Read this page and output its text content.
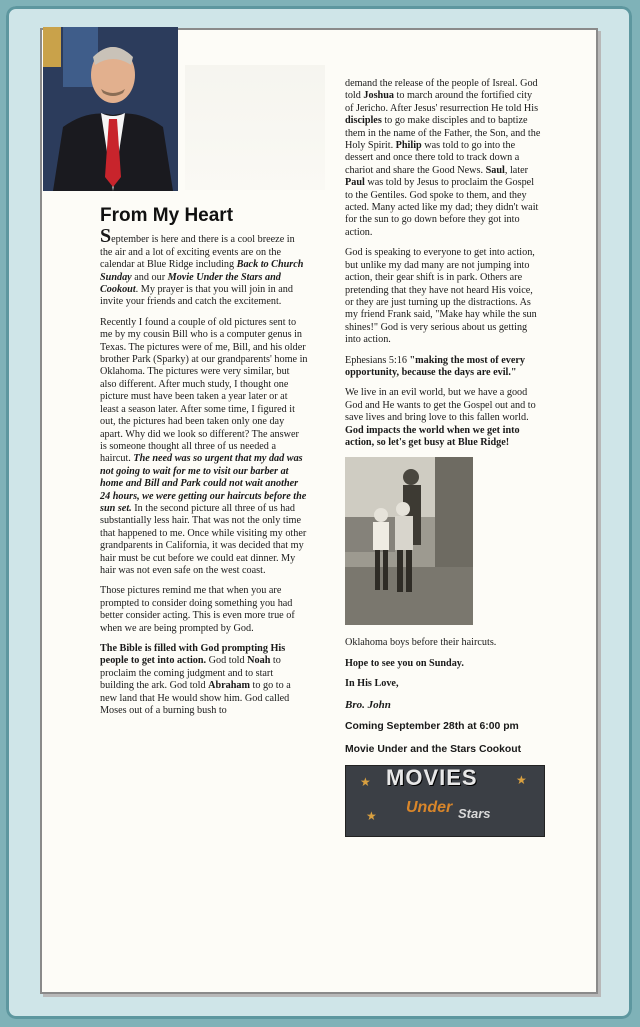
From My Heart

September is here and there is a cool breeze in the air and a lot of exciting events are on the calendar at Blue Ridge including Back to Church Sunday and our Movie Under the Stars and Cookout. My prayer is that you will join in and invite your friends and catch the excitement.

Recently I found a couple of old pictures sent to me by my cousin Bill who is a computer genus in Texas. The pictures were of me, Bill, and his older brother Park (Sparky) at our grandparents' home in Oklahoma. The pictures were very similar, but also different. After much study, I thought one picture must have been taken a year later or at least a season later. After some time, I figured it out, the pictures had been taken only one day apart. Why did we look so different? The answer is someone thought all three of us needed a haircut. The need was so urgent that my dad was not going to wait for me to visit our barber at home and Bill and Park could not wait another 24 hours, we were getting our haircuts before the sun set. In the second picture all three of us had substantially less hair. That was not the only time that happened to me. Once while visiting my other grandparents in California, it was decided that my hair must be cut before we could eat dinner. My hair was not even safe on the west coast.

Those pictures remind me that when you are prompted to consider doing something you had better consider acting. This is even more true of when we are being prompted by God.

The Bible is filled with God prompting His people to get into action. God told Noah to proclaim the coming judgment and to start building the ark. God told Abraham to go to a new land that He would show him. God called Moses out of a burning bush to

demand the release of the people of Isreal. God told Joshua to march around the fortified city of Jericho. After Jesus' resurrection He told His disciples to go make disciples and to baptize them in the name of the Father, the Son, and the Holy Spirit. Philip was told to go into the dessert and once there told to track down a chariot and share the Good News. Saul, later Paul was told by Jesus to proclaim the Gospel to the Gentiles. God spoke to them, and they acted. Many acted like my dad; they didn't wait for the sun to go down before they got into action.

God is speaking to everyone to get into action, but unlike my dad many are not jumping into action, their gear shift is in park. Others are pretending that they have not heard His voice, or they are just turning up the distractions. As my friend Frank said, "Make hay while the sun shines!" God is very serious about us getting into action.

Ephesians 5:16 "making the most of every opportunity, because the days are evil."

We live in an evil world, but we have a good God and He wants to get the Gospel out and to save lives and bring love to this fallen world. God impacts the world when we get into action, so let's get busy at Blue Ridge!

Oklahoma boys before their haircuts.

Hope to see you on Sunday.

In His Love,

Bro. John

Coming September 28th at 6:00 pm

Movie Under and the Stars Cookout

★	★
★
MOVIES
Under Stars
